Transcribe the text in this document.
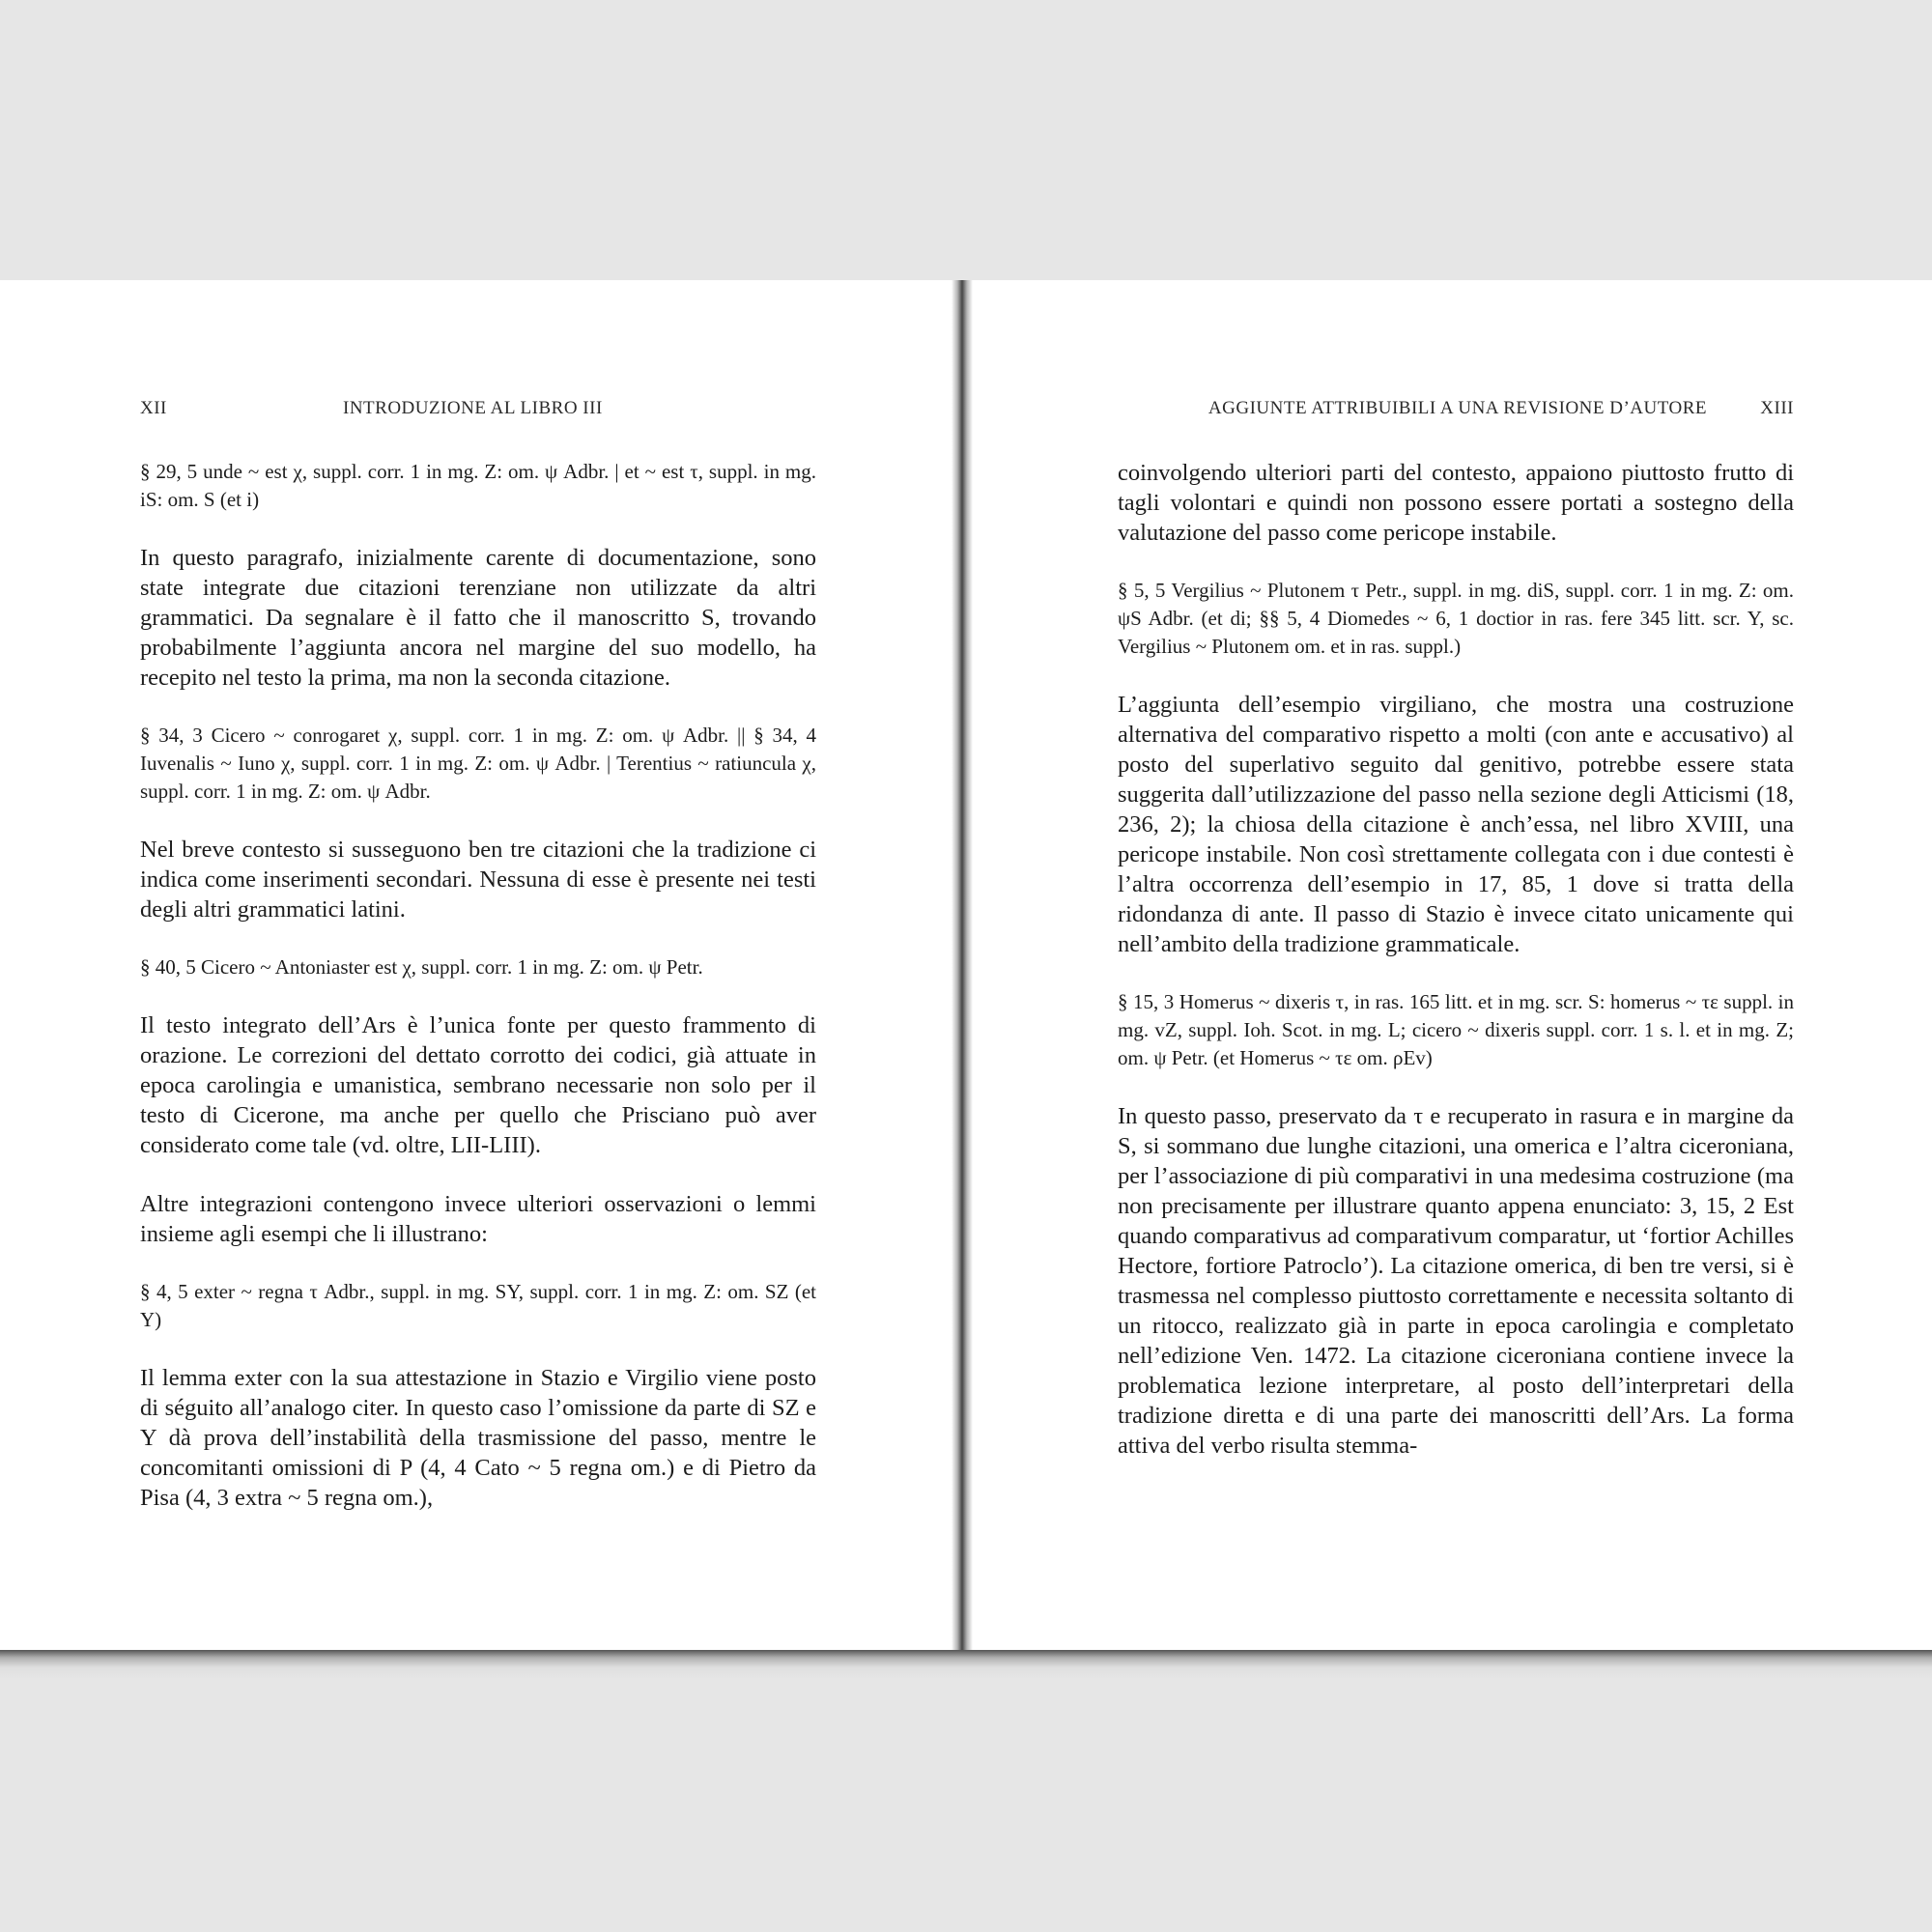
XII	INTRODUZIONE AL LIBRO III

§ 29, 5 unde ~ est χ, suppl. corr. 1 in mg. Z: om. ψ Adbr. | et ~ est τ, suppl. in mg. iS: om. S (et i)

In questo paragrafo, inizialmente carente di documentazione, sono state integrate due citazioni terenziane non utilizzate da altri grammatici. Da segnalare è il fatto che il manoscritto S, trovando probabilmente l’aggiunta ancora nel margine del suo modello, ha recepito nel testo la prima, ma non la seconda citazione.

§ 34, 3 Cicero ~ conrogaret χ, suppl. corr. 1 in mg. Z: om. ψ Adbr. || § 34, 4 Iuvenalis ~ Iuno χ, suppl. corr. 1 in mg. Z: om. ψ Adbr. | Terentius ~ ratiuncula χ, suppl. corr. 1 in mg. Z: om. ψ Adbr.

Nel breve contesto si susseguono ben tre citazioni che la tradizione ci indica come inserimenti secondari. Nessuna di esse è presente nei testi degli altri grammatici latini.

§ 40, 5 Cicero ~ Antoniaster est χ, suppl. corr. 1 in mg. Z: om. ψ Petr.

Il testo integrato dell’Ars è l’unica fonte per questo frammento di orazione. Le correzioni del dettato corrotto dei codici, già attuate in epoca carolingia e umanistica, sembrano necessarie non solo per il testo di Cicerone, ma anche per quello che Prisciano può aver considerato come tale (vd. oltre, LII-LIII).

Altre integrazioni contengono invece ulteriori osservazioni o lemmi insieme agli esempi che li illustrano:

§ 4, 5 exter ~ regna τ Adbr., suppl. in mg. SY, suppl. corr. 1 in mg. Z: om. SZ (et Y)

Il lemma exter con la sua attestazione in Stazio e Virgilio viene posto di séguito all’analogo citer. In questo caso l’omissione da parte di SZ e Y dà prova dell’instabilità della trasmissione del passo, mentre le concomitanti omissioni di P (4, 4 Cato ~ 5 regna om.) e di Pietro da Pisa (4, 3 extra ~ 5 regna om.),

AGGIUNTE ATTRIBUIBILI A UNA REVISIONE D’AUTORE	XIII

coinvolgendo ulteriori parti del contesto, appaiono piuttosto frutto di tagli volontari e quindi non possono essere portati a sostegno della valutazione del passo come pericope instabile.

§ 5, 5 Vergilius ~ Plutonem τ Petr., suppl. in mg. diS, suppl. corr. 1 in mg. Z: om. ψS Adbr. (et di; §§ 5, 4 Diomedes ~ 6, 1 doctior in ras. fere 345 litt. scr. Y, sc. Vergilius ~ Plutonem om. et in ras. suppl.)

L’aggiunta dell’esempio virgiliano, che mostra una costruzione alternativa del comparativo rispetto a molti (con ante e accusativo) al posto del superlativo seguito dal genitivo, potrebbe essere stata suggerita dall’utilizzazione del passo nella sezione degli Atticismi (18, 236, 2); la chiosa della citazione è anch’essa, nel libro XVIII, una pericope instabile. Non così strettamente collegata con i due contesti è l’altra occorrenza dell’esempio in 17, 85, 1 dove si tratta della ridondanza di ante. Il passo di Stazio è invece citato unicamente qui nell’ambito della tradizione grammaticale.

§ 15, 3 Homerus ~ dixeris τ, in ras. 165 litt. et in mg. scr. S: homerus ~ τε suppl. in mg. vZ, suppl. Ioh. Scot. in mg. L; cicero ~ dixeris suppl. corr. 1 s. l. et in mg. Z; om. ψ Petr. (et Homerus ~ τε om. ρEv)

In questo passo, preservato da τ e recuperato in rasura e in margine da S, si sommano due lunghe citazioni, una omerica e l’altra ciceroniana, per l’associazione di più comparativi in una medesima costruzione (ma non precisamente per illustrare quanto appena enunciato: 3, 15, 2 Est quando comparativus ad comparativum comparatur, ut ‘fortior Achilles Hectore, fortiore Patroclo’). La citazione omerica, di ben tre versi, si è trasmessa nel complesso piuttosto correttamente e necessita soltanto di un ritocco, realizzato già in parte in epoca carolingia e completato nell’edizione Ven. 1472. La citazione ciceroniana contiene invece la problematica lezione interpretare, al posto dell’interpretari della tradizione diretta e di una parte dei manoscritti dell’Ars. La forma attiva del verbo risulta stemma-
